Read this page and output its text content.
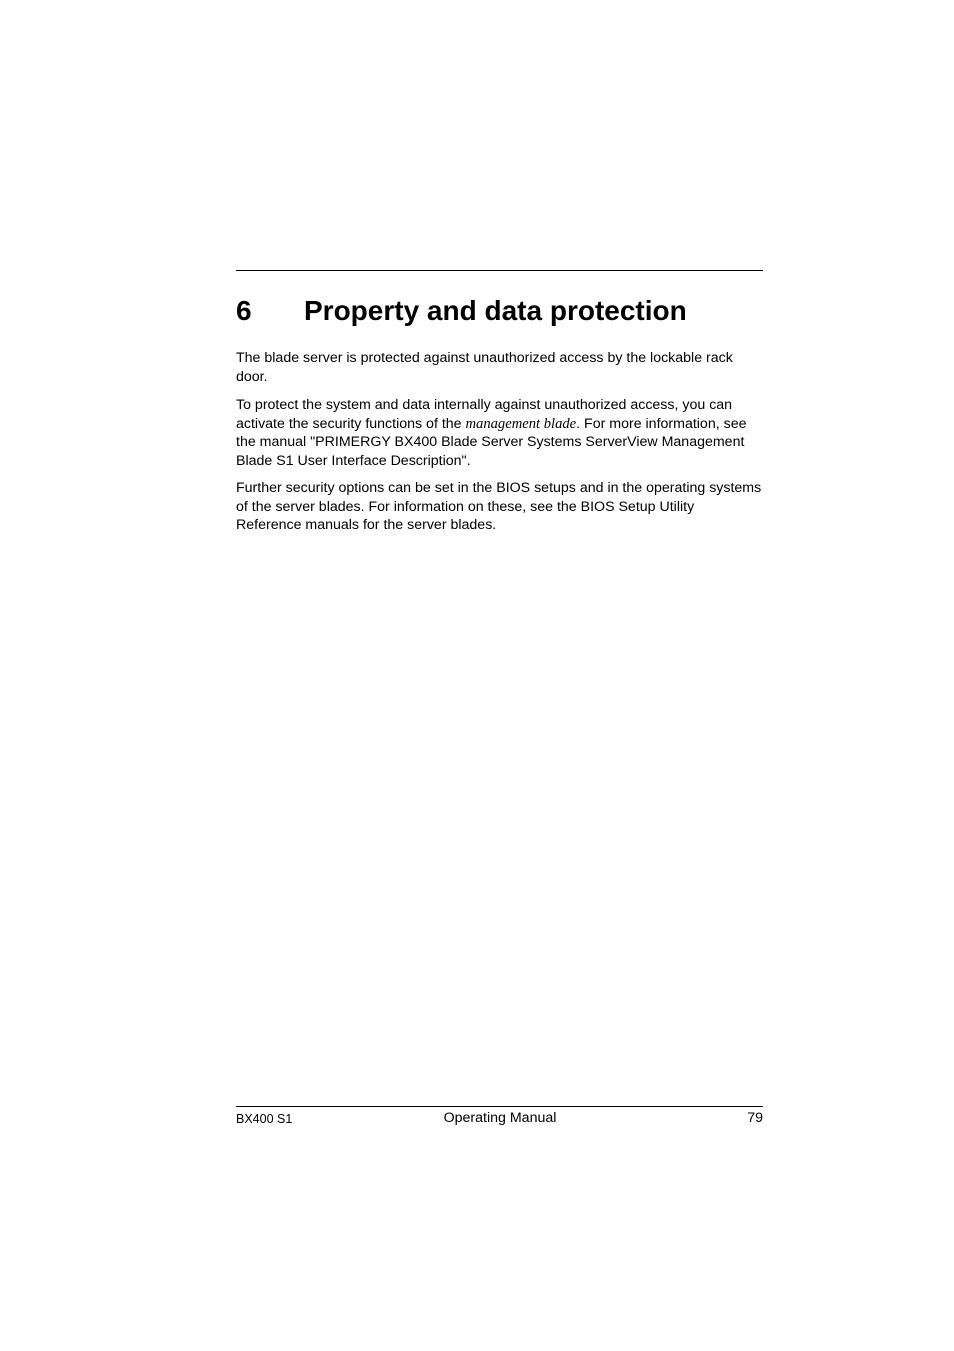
6 Property and data protection

The blade server is protected against unauthorized access by the lockable rack door.

To protect the system and data internally against unauthorized access, you can activate the security functions of the management blade. For more information, see the manual "PRIMERGY BX400 Blade Server Systems ServerView Management Blade S1 User Interface Description".

Further security options can be set in the BIOS setups and in the operating systems of the server blades. For information on these, see the BIOS Setup Utility Reference manuals for the server blades.

BX400 S1	Operating Manual	79
